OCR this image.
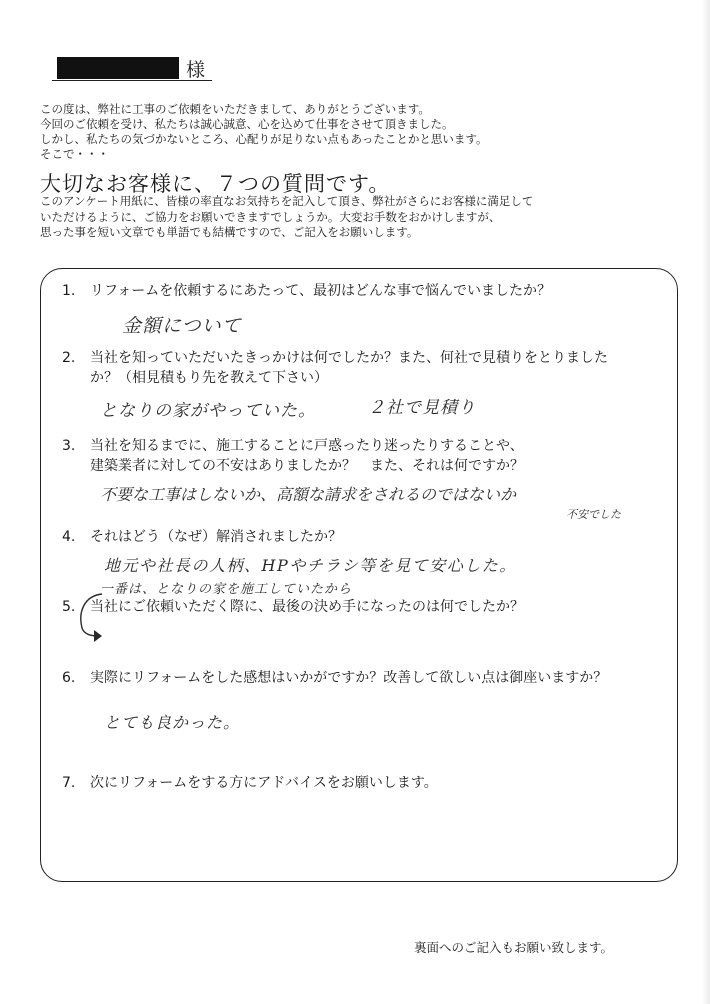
様
この度は、弊社に工事のご依頼をいただきまして、ありがとうございます。
今回のご依頼を受け、私たちは誠心誠意、心を込めて仕事をさせて頂きました。
しかし、私たちの気づかないところ、心配りが足りない点もあったことかと思います。
そこで・・・
大切なお客様に、７つの質問です。
このアンケート用紙に、皆様の率直なお気持ちを記入して頂き、弊社がさらにお客様に満足して
いただけるように、ご協力をお願いできますでしょうか。大変お手数をおかけしますが、
思った事を短い文章でも単語でも結構ですので、ご記入をお願いします。
1. リフォームを依頼するにあたって、最初はどんな事で悩んでいましたか？
金額について
2. 当社を知っていただいたきっかけは何でしたか？また、何社で見積りをとりました
か？（相見積もり先を教えて下さい）
となりの家がやっていた。	２社で見積り
3. 当社を知るまでに、施工することに戸惑ったり迷ったりすることや、
建築業者に対しての不安はありましたか？　また、それは何ですか？
不要な工事はしないか、高額な請求をされるのではないか
不安でした
4. それはどう（なぜ）解消されましたか？
地元や社長の人柄、HPやチラシ等を見て安心した。
一番は、となりの家を施工していたから
5. 当社にご依頼いただく際に、最後の決め手になったのは何でしたか？
6. 実際にリフォームをした感想はいかがですか？改善して欲しい点は御座いますか？
とても良かった。
7. 次にリフォームをする方にアドバイスをお願いします。
裏面へのご記入もお願い致します。
